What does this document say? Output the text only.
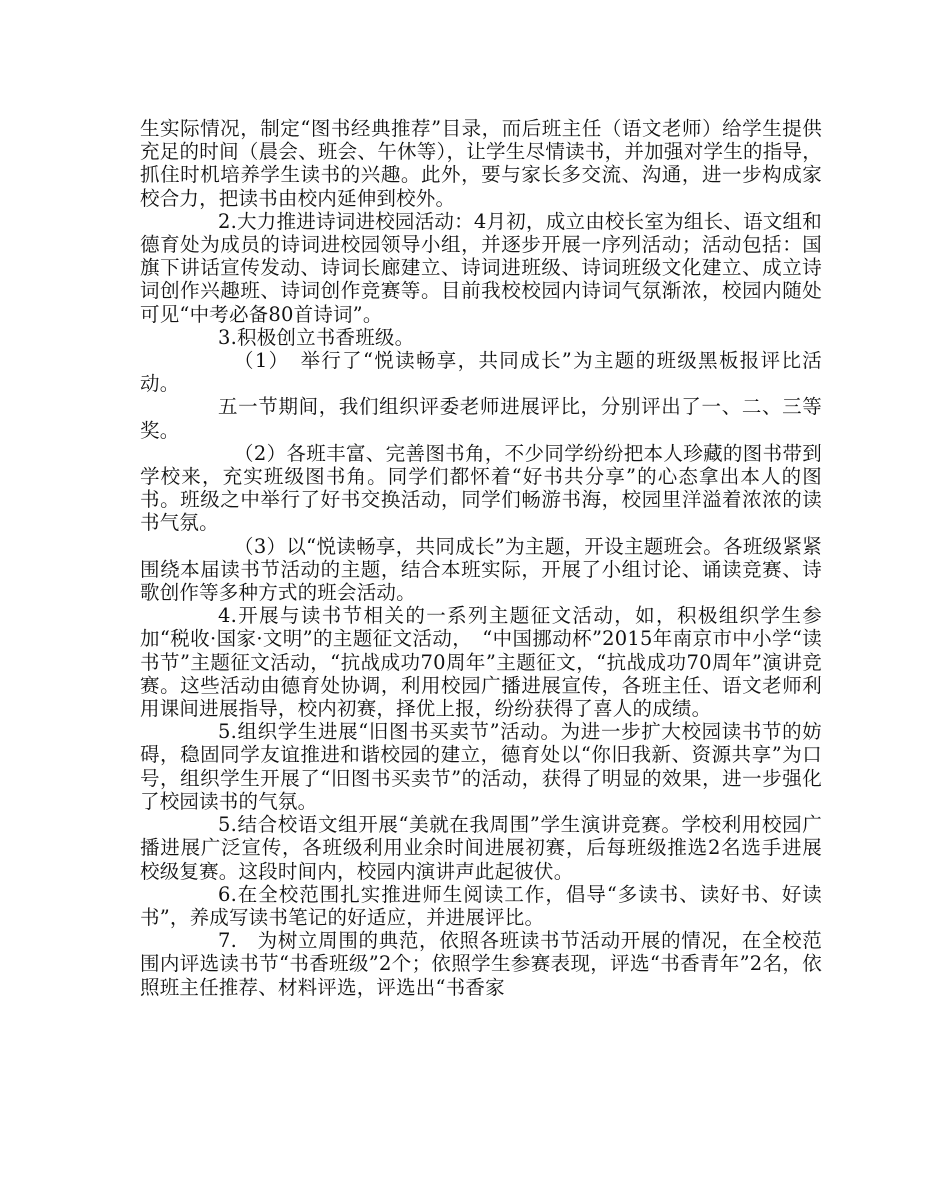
生实际情况，制定“图书经典推荐”目录，而后班主任（语文老师）给学生提供充足的时间（晨会、班会、午休等），让学生尽情读书，并加强对学生的指导，抓住时机培养学生读书的兴趣。此外，要与家长多交流、沟通，进一步构成家校合力，把读书由校内延伸到校外。

2.大力推进诗词进校园活动：4月初，成立由校长室为组长、语文组和德育处为成员的诗词进校园领导小组，并逐步开展一序列活动；活动包括：国旗下讲话宣传发动、诗词长廊建立、诗词进班级、诗词班级文化建立、成立诗词创作兴趣班、诗词创作竞赛等。目前我校校园内诗词气氛渐浓，校园内随处可见“中考必备80首诗词”。

3.积极创立书香班级。

（1）　举行了“悦读畅享，共同成长”为主题的班级黑板报评比活动。

五一节期间，我们组织评委老师进展评比，分别评出了一、二、三等奖。

（2）各班丰富、完善图书角，不少同学纷纷把本人珍藏的图书带到学校来，充实班级图书角。同学们都怀着“好书共分享”的心态拿出本人的图书。班级之中举行了好书交换活动，同学们畅游书海，校园里洋溢着浓浓的读书气氛。

（3）以“悦读畅享，共同成长”为主题，开设主题班会。各班级紧紧围绕本届读书节活动的主题，结合本班实际，开展了小组讨论、诵读竞赛、诗歌创作等多种方式的班会活动。

4.开展与读书节相关的一系列主题征文活动，如，积极组织学生参加“税收·国家·文明”的主题征文活动，　“中国挪动杯”2015年南京市中小学“读书节”主题征文活动，“抗战成功70周年”主题征文，“抗战成功70周年”演讲竞赛。这些活动由德育处协调，利用校园广播进展宣传，各班主任、语文老师利用课间进展指导，校内初赛，择优上报，纷纷获得了喜人的成绩。

5.组织学生进展“旧图书买卖节”活动。为进一步扩大校园读书节的妨碍，稳固同学友谊推进和谐校园的建立，德育处以“你旧我新、资源共享”为口号，组织学生开展了“旧图书买卖节”的活动，获得了明显的效果，进一步强化了校园读书的气氛。

5.结合校语文组开展“美就在我周围”学生演讲竞赛。学校利用校园广播进展广泛宣传，各班级利用业余时间进展初赛，后每班级推选2名选手进展校级复赛。这段时间内，校园内演讲声此起彼伏。

6.在全校范围扎实推进师生阅读工作，倡导“多读书、读好书、好读书”，养成写读书笔记的好适应，并进展评比。

7.　为树立周围的典范，依照各班读书节活动开展的情况，在全校范围内评选读书节“书香班级”2个；依照学生参赛表现，评选“书香青年”2名，依照班主任推荐、材料评选，评选出“书香家
